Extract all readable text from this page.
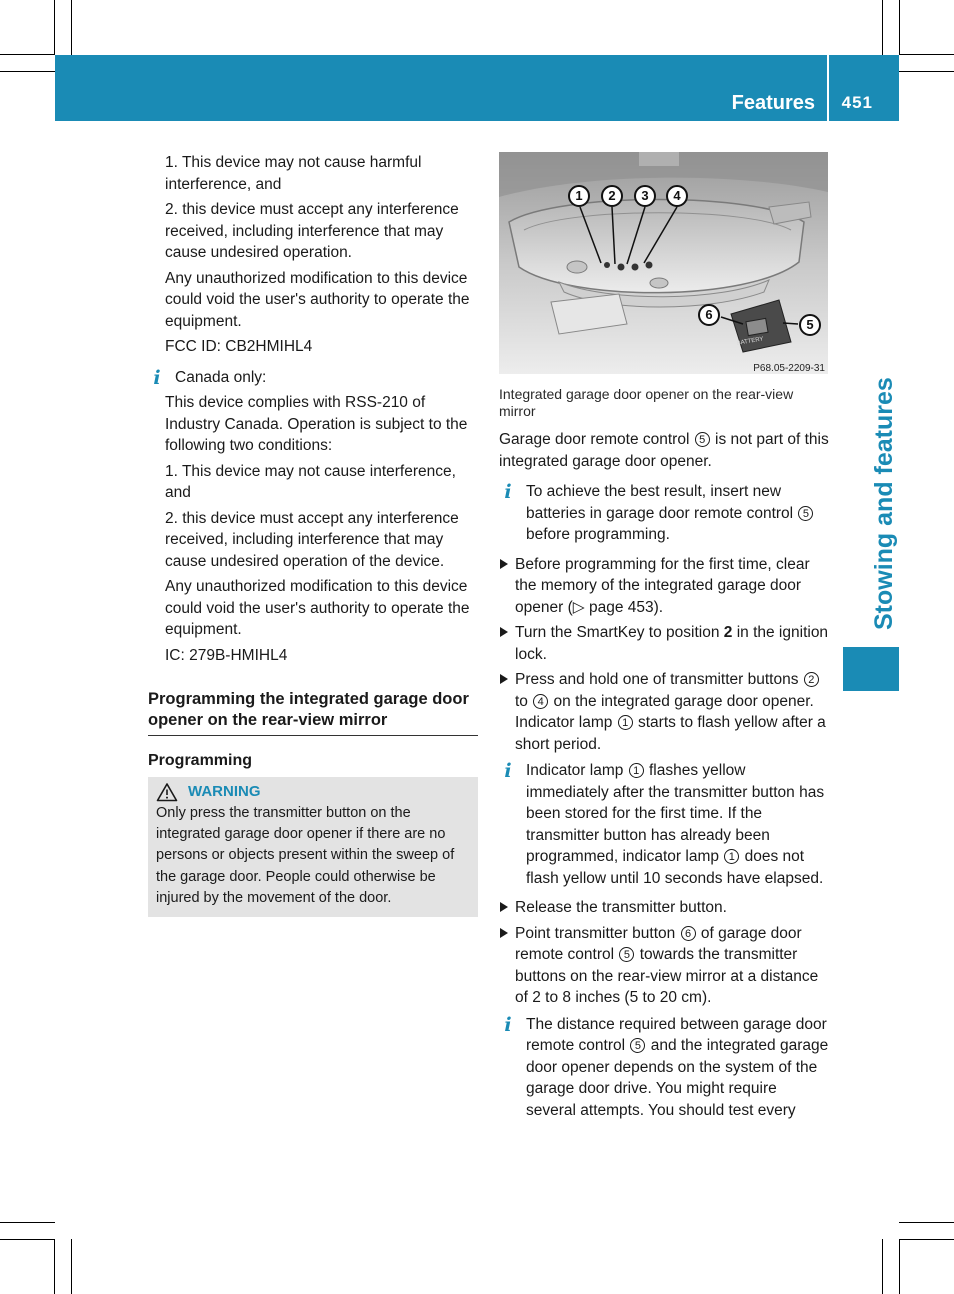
Features 451
Stowing and features

1. This device may not cause harmful interference, and

2. this device must accept any interference received, including interference that may cause undesired operation.

Any unauthorized modification to this device could void the user's authority to operate the equipment.

FCC ID: CB2HMIHL4

i Canada only:

This device complies with RSS-210 of Industry Canada. Operation is subject to the following two conditions:

1. This device may not cause interference, and

2. this device must accept any interference received, including interference that may cause undesired operation of the device.

Any unauthorized modification to this device could void the user's authority to operate the equipment.

IC: 279B-HMIHL4

Programming the integrated garage door opener on the rear-view mirror
Programming
WARNING
Only press the transmitter button on the integrated garage door opener if there are no persons or objects present within the sweep of the garage door. People could otherwise be injured by the movement of the door.
BATTERY
1	2	3	4
6
5
P68.05-2209-31
Integrated garage door opener on the rear-view mirror

Garage door remote control 5 is not part of this integrated garage door opener.

i To achieve the best result, insert new batteries in garage door remote control 5 before programming.

Before programming for the first time, clear the memory of the integrated garage door opener (▷ page 453).

Turn the SmartKey to position 2 in the ignition lock.

Press and hold one of transmitter buttons 2 to 4 on the integrated garage door opener.
Indicator lamp 1 starts to flash yellow after a short period.

i Indicator lamp 1 flashes yellow immediately after the transmitter button has been stored for the first time. If the transmitter button has already been programmed, indicator lamp 1 does not flash yellow until 10 seconds have elapsed.

Release the transmitter button.

Point transmitter button 6 of garage door remote control 5 towards the transmitter buttons on the rear-view mirror at a distance of 2 to 8 inches (5 to 20 cm).

i The distance required between garage door remote control 5 and the integrated garage door opener depends on the system of the garage door drive. You might require several attempts. You should test every
